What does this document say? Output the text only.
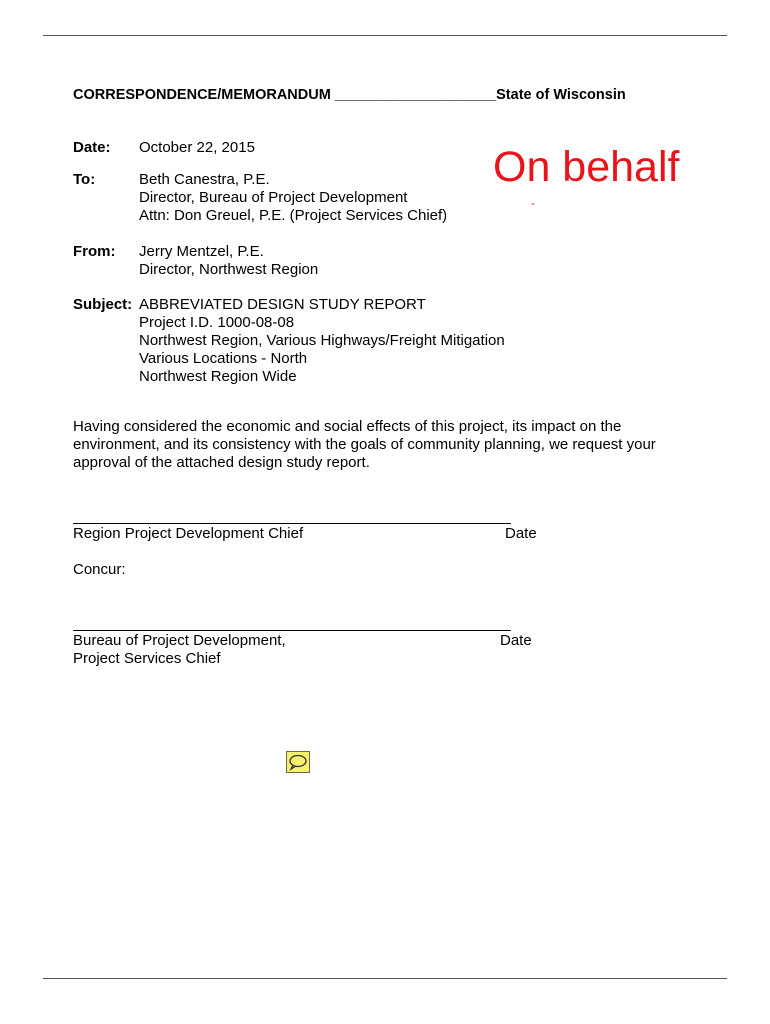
CORRESPONDENCE/MEMORANDUM ____________________State of Wisconsin
Date: October 22, 2015
To:	Beth Canestra, P.E.
Director, Bureau of Project Development
Attn: Don Greuel, P.E. (Project Services Chief)
On behalf
-
From: Jerry Mentzel, P.E.
Director, Northwest Region
Subject: ABBREVIATED DESIGN STUDY REPORT
Project I.D. 1000-08-08
Northwest Region, Various Highways/Freight Mitigation
Various Locations - North
Northwest Region Wide
Having considered the economic and social effects of this project, its impact on the
environment, and its consistency with the goals of community planning, we request your
approval of the attached design study report.
Region Project Development Chief	Date
Concur:
Bureau of Project Development,
Project Services Chief
Date
